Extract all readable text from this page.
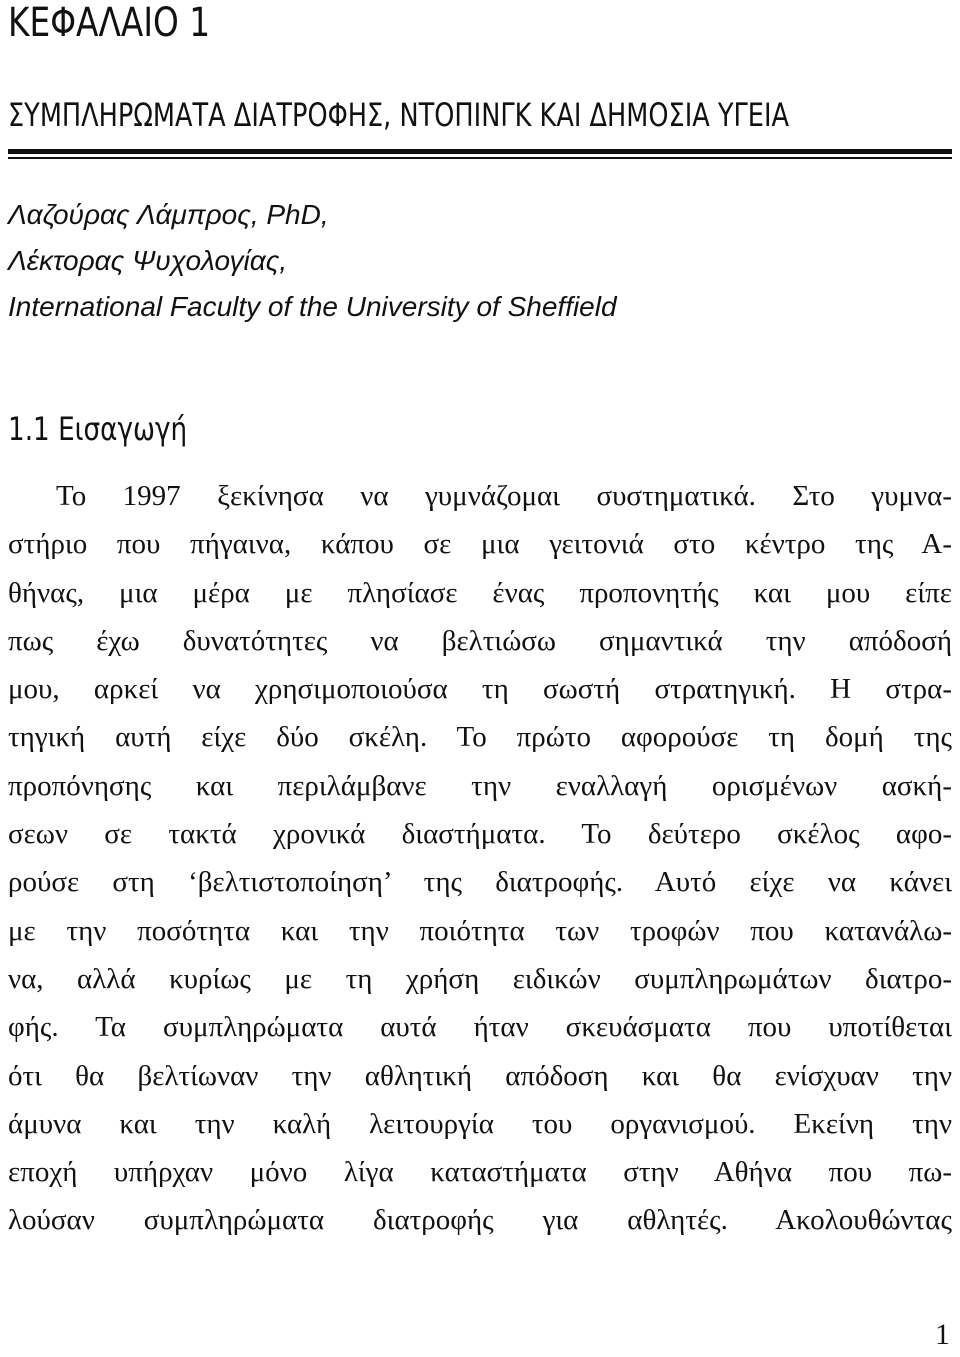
ΚΕΦΑΛΑΙΟ 1
ΣΥΜΠΛΗΡΩΜΑΤΑ ΔΙΑΤΡΟΦΗΣ, ΝΤΟΠΙΝΓΚ ΚΑΙ ΔΗΜΟΣΙΑ ΥΓΕΙΑ
Λαζούρας Λάμπρος, PhD,
Λέκτορας Ψυχολογίας,
International Faculty of the University of Sheffield
1.1 Εισαγωγή
Το 1997 ξεκίνησα να γυμνάζομαι συστηματικά. Στο γυμνα-
στήριο που πήγαινα, κάπου σε μια γειτονιά στο κέντρο της Α-
θήνας, μια μέρα με πλησίασε ένας προπονητής και μου είπε
πως έχω δυνατότητες να βελτιώσω σημαντικά την απόδοσή
μου, αρκεί να χρησιμοποιούσα τη σωστή στρατηγική. Η στρα-
τηγική αυτή είχε δύο σκέλη. Το πρώτο αφορούσε τη δομή της
προπόνησης και περιλάμβανε την εναλλαγή ορισμένων ασκή-
σεων σε τακτά χρονικά διαστήματα. Το δεύτερο σκέλος αφο-
ρούσε στη ‘βελτιστοποίηση’ της διατροφής. Αυτό είχε να κάνει
με την ποσότητα και την ποιότητα των τροφών που κατανάλω-
να, αλλά κυρίως με τη χρήση ειδικών συμπληρωμάτων διατρο-
φής. Τα συμπληρώματα αυτά ήταν σκευάσματα που υποτίθεται
ότι θα βελτίωναν την αθλητική απόδοση και θα ενίσχυαν την
άμυνα και την καλή λειτουργία του οργανισμού. Εκείνη την
εποχή υπήρχαν μόνο λίγα καταστήματα στην Αθήνα που πω-
λούσαν συμπληρώματα διατροφής για αθλητές. Ακολουθώντας
1
